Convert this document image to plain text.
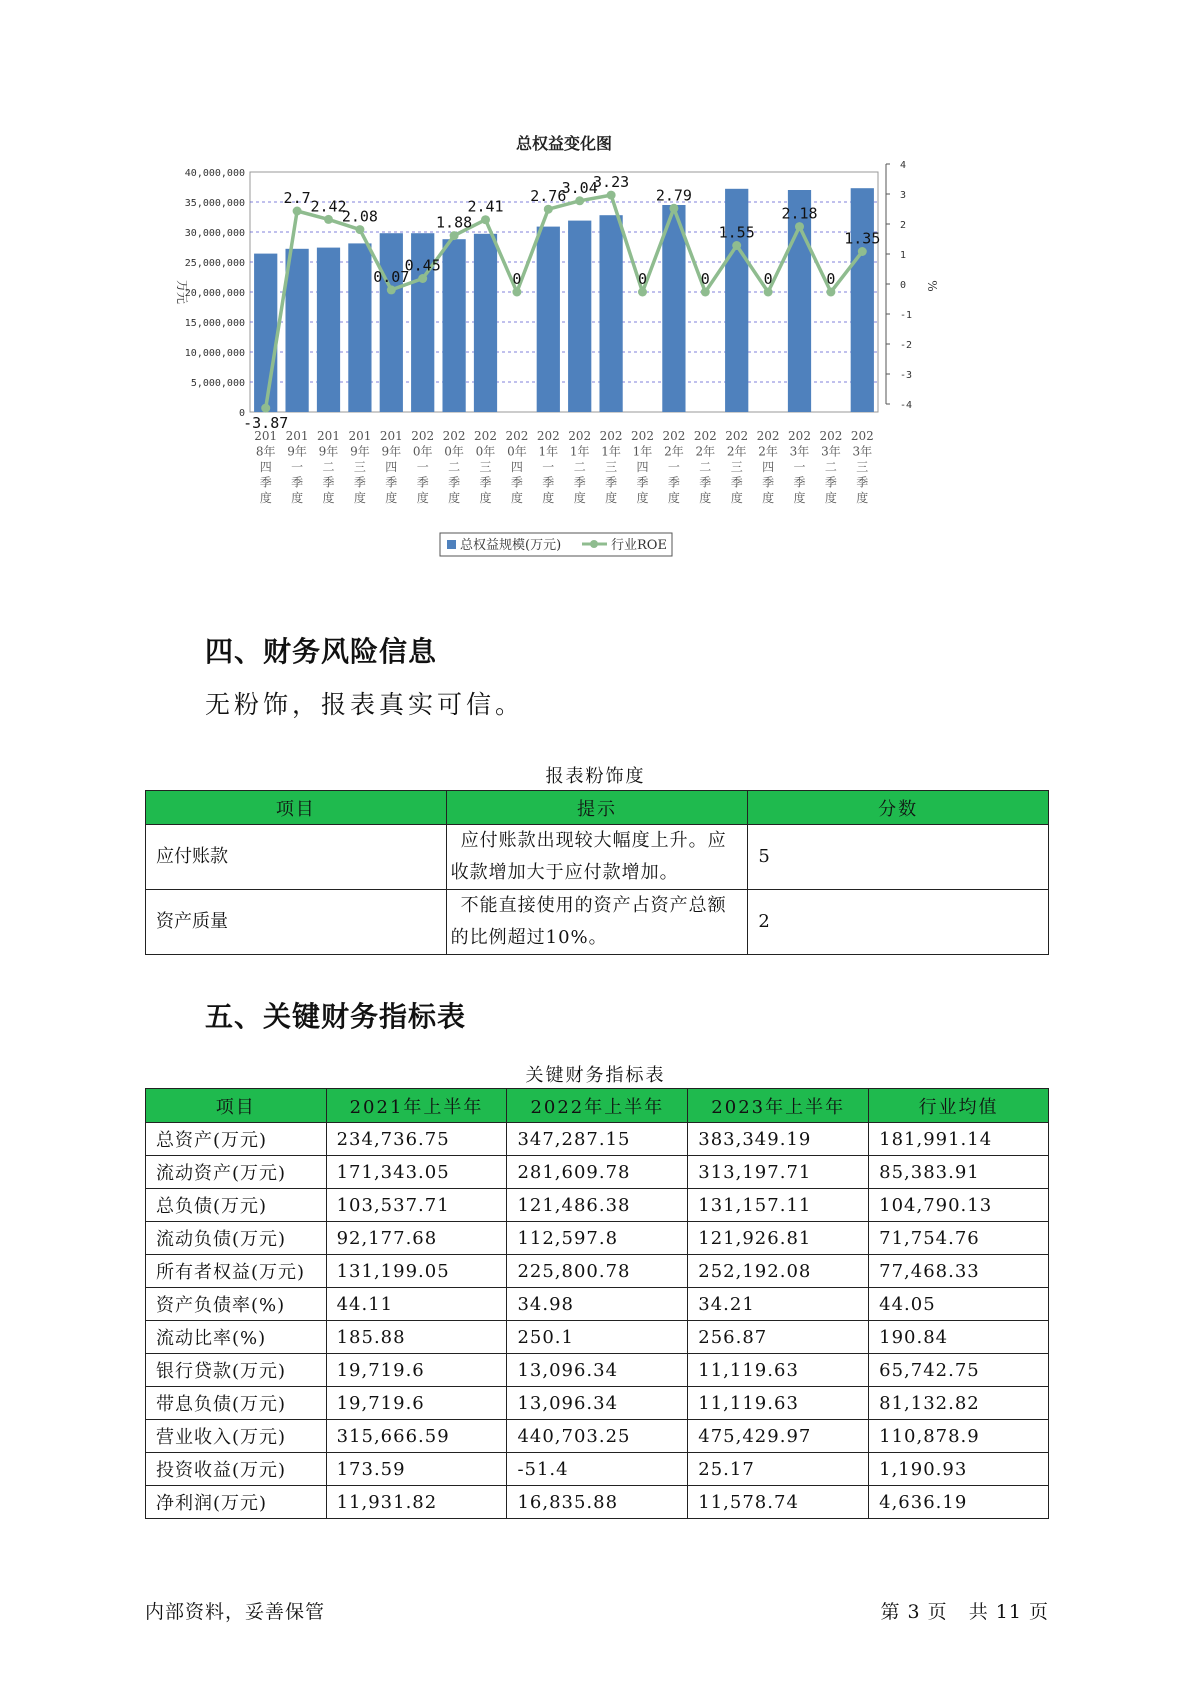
总权益变化图
40,000,000
35,000,000
30,000,000
25,000,000
20,000,000
15,000,000
10,000,000
5,000,000
0
4
3
2
1
0
-1
-2
-3
-4
万元	%
-3.87
2.7 2.42
2.08
0.07
0.45
1.88
2.41
0
2.76
3.04
3.23
0
2.79
0
1.55
0
2.18
0
1.35
201 8年四季度
201 9年一季度
201 9年二季度
201 9年三季度
201 9年四季度
202 0年一季度
202 0年二季度
202 0年三季度
202 0年四季度
202 1年一季度
202 1年二季度
202 1年三季度
202 1年四季度
202 2年一季度
202 2年二季度
202 2年三季度
202 2年四季度
202 3年一季度
202 3年二季度
202 3年三季度
总权益规模(万元)	行业ROE
四、财务风险信息

无粉饰，报表真实可信。

报表粉饰度
项目	提示	分数
应付账款	应付账款出现较大幅度上升。应收款增加大于应付款增加。	5
资产质量	不能直接使用的资产占资产总额的比例超过10%。	2
五、关键财务指标表
关键财务指标表
项目	2021年上半年	2022年上半年	2023年上半年	行业均值
总资产(万元)	234,736.75	347,287.15	383,349.19	181,991.14
流动资产(万元)	171,343.05	281,609.78	313,197.71	85,383.91
总负债(万元)	103,537.71	121,486.38	131,157.11	104,790.13
流动负债(万元)	92,177.68	112,597.8	121,926.81	71,754.76
所有者权益(万元)	131,199.05	225,800.78	252,192.08	77,468.33
资产负债率(%)	44.11	34.98	34.21	44.05
流动比率(%)	185.88	250.1	256.87	190.84
银行贷款(万元)	19,719.6	13,096.34	11,119.63	65,742.75
带息负债(万元)	19,719.6	13,096.34	11,119.63	81,132.82
营业收入(万元)	315,666.59	440,703.25	475,429.97	110,878.9
投资收益(万元)	173.59	-51.4	25.17	1,190.93
净利润(万元)	11,931.82	16,835.88	11,578.74	4,636.19
内部资料，妥善保管	第 3 页   共 11 页
